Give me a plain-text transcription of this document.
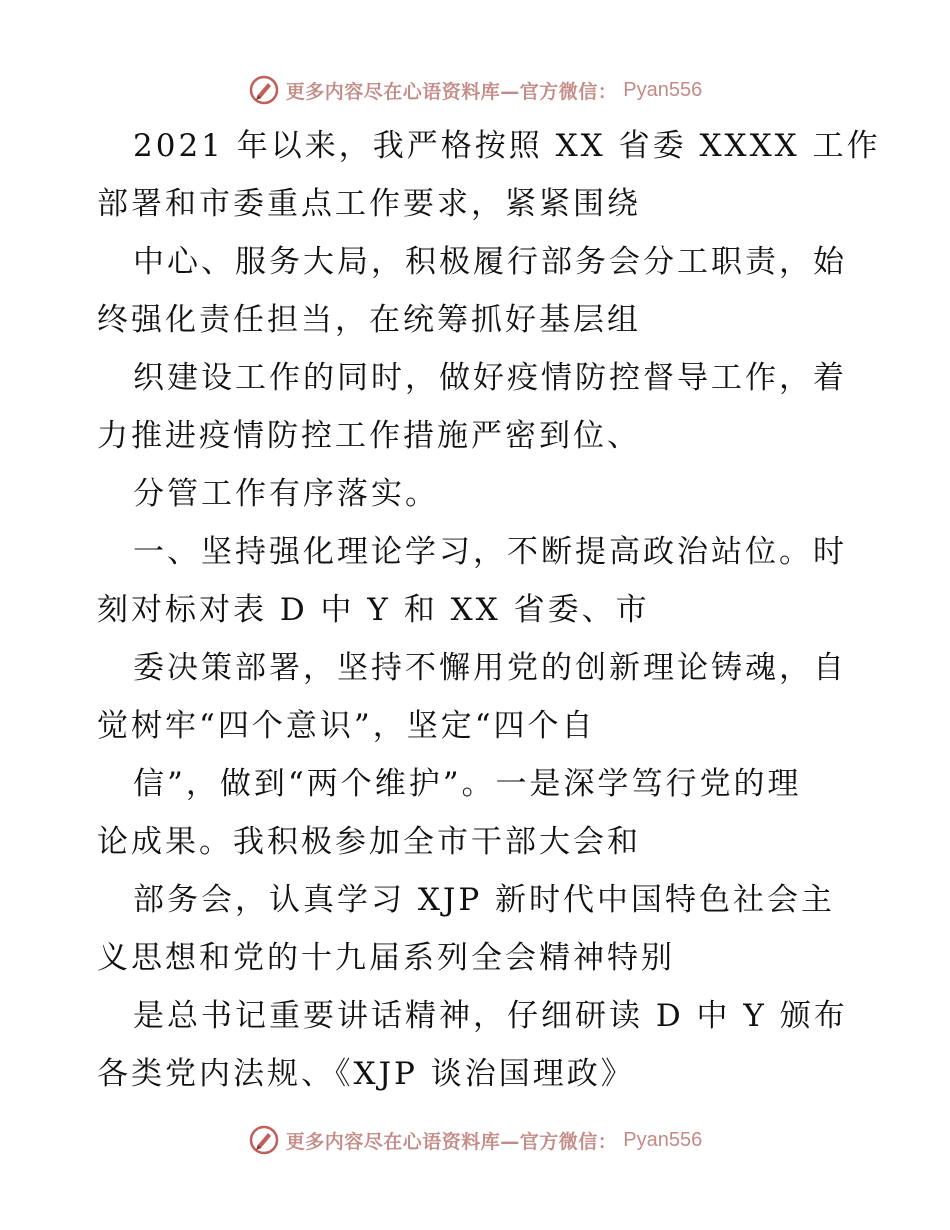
更多内容尽在心语资料库—官方微信： Pyan556
2021 年以来，我严格按照 XX 省委 XXXX 工作
部署和市委重点工作要求，紧紧围绕
中心、服务大局，积极履行部务会分工职责，始
终强化责任担当，在统筹抓好基层组
织建设工作的同时，做好疫情防控督导工作，着
力推进疫情防控工作措施严密到位、
分管工作有序落实。
一、坚持强化理论学习，不断提高政治站位。时
刻对标对表 D 中 Y 和 XX 省委、市
委决策部署，坚持不懈用党的创新理论铸魂，自
觉树牢“四个意识”，坚定“四个自
信”，做到“两个维护”。一是深学笃行党的理
论成果。我积极参加全市干部大会和
部务会，认真学习 XJP 新时代中国特色社会主
义思想和党的十九届系列全会精神特别
是总书记重要讲话精神，仔细研读 D 中 Y 颁布
各类党内法规、《XJP 谈治国理政》
更多内容尽在心语资料库—官方微信： Pyan556
